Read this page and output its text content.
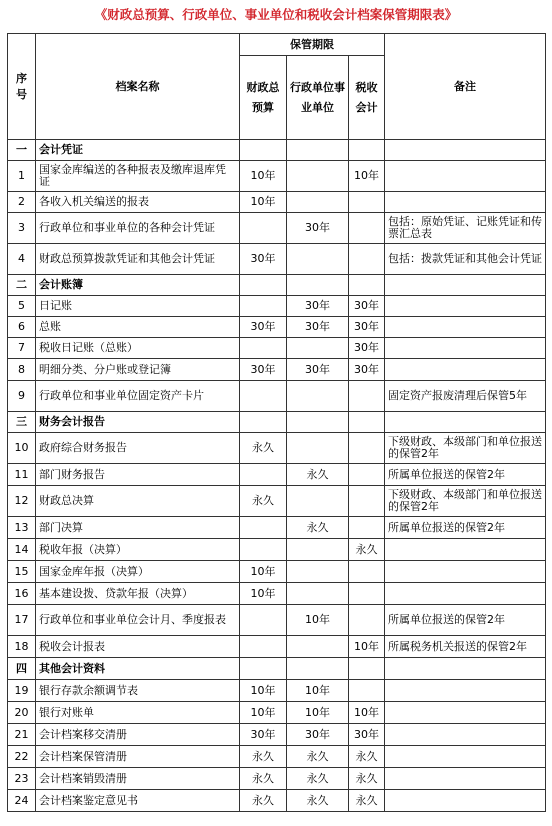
《财政总预算、行政单位、事业单位和税收会计档案保管期限表》
序号	档案名称	保管期限			备注
		财政总预算	行政单位事业单位	税收会计	
一	会计凭证				
1	国家金库编送的各种报表及缴库退库凭证	10年		10年	
2	各收入机关编送的报表	10年			
3	行政单位和事业单位的各种会计凭证		30年		包括：原始凭证、记账凭证和传票汇总表
4	财政总预算拨款凭证和其他会计凭证	30年			包括：拨款凭证和其他会计凭证
二	会计账簿				
5	日记账		30年	30年	
6	总账	30年	30年	30年	
7	税收日记账（总账）			30年	
8	明细分类、分户账或登记簿	30年	30年	30年	
9	行政单位和事业单位固定资产卡片				固定资产报废清理后保管5年
三	财务会计报告				
10	政府综合财务报告	永久			下级财政、本级部门和单位报送的保管2年
11	部门财务报告		永久		所属单位报送的保管2年
12	财政总决算	永久			下级财政、本级部门和单位报送的保管2年
13	部门决算		永久		所属单位报送的保管2年
14	税收年报（决算）			永久	
15	国家金库年报（决算）	10年			
16	基本建设拨、贷款年报（决算）	10年			
17	行政单位和事业单位会计月、季度报表		10年		所属单位报送的保管2年
18	税收会计报表			10年	所属税务机关报送的保管2年
四	其他会计资料				
19	银行存款余额调节表	10年	10年		
20	银行对账单	10年	10年	10年	
21	会计档案移交清册	30年	30年	30年	
22	会计档案保管清册	永久	永久	永久	
23	会计档案销毁清册	永久	永久	永久	
24	会计档案鉴定意见书	永久	永久	永久	
